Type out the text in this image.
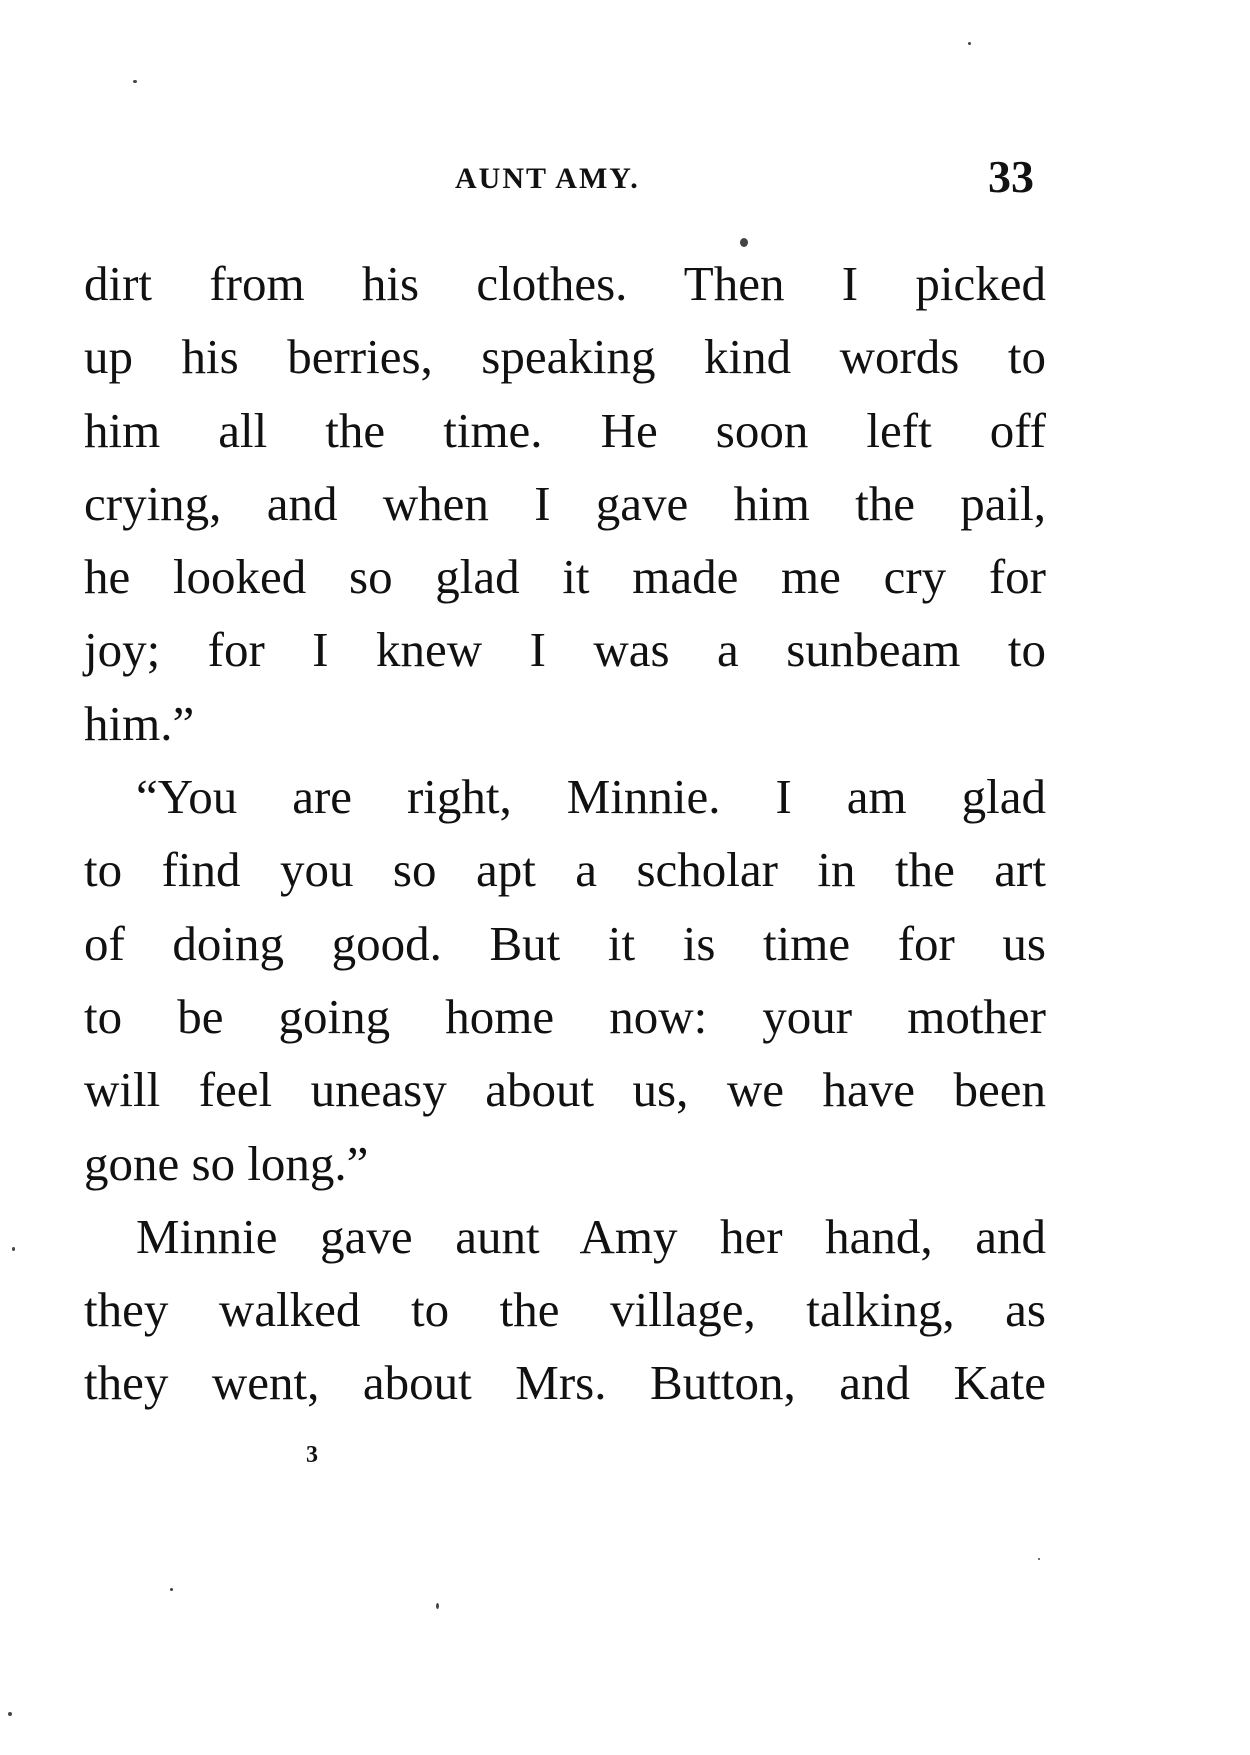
AUNT AMY.	33
dirt from his clothes. Then I picked
up his berries, speaking kind words to
him all the time. He soon left off
crying, and when I gave him the pail,
he looked so glad it made me cry for
joy; for I knew I was a sunbeam to
him.”
“You are right, Minnie. I am glad
to find you so apt a scholar in the art
of doing good. But it is time for us
to be going home now: your mother
will feel uneasy about us, we have been
gone so long.”
Minnie gave aunt Amy her hand, and
they walked to the village, talking, as
they went, about Mrs. Button, and Kate
3
